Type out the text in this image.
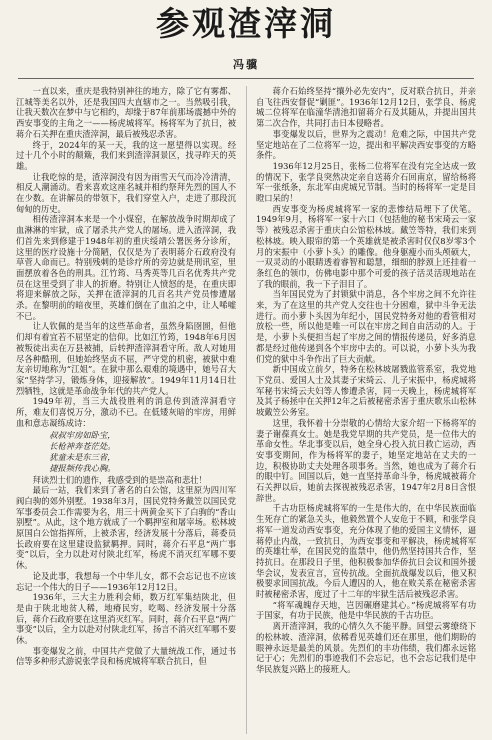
参观渣滓洞
冯骥

一直以来，重庆是我特别神往的地方，除了它有雾都、江城等美名以外，还是我国四大直辖市之一。当然吸引我，让我天数次在梦中与它相约，却缘于87年前那场震撼中外的西安事变的主角之一——杨虎城将军。杨将军为了抗日，被蒋介石关押在重庆渣滓洞，最后被残忍杀害。

终于，2024年的某一天，我的这一愿望得以实现。经过十几个小时的颠簸，我们来到渣滓洞景区，找寻昨天的英雄。

让我吃惊的是，渣滓洞没有因为雨雪天气而冷冷清清，相反人潮涌动。看来喜欢这座名城并相约祭拜先烈的国人不在少数。在讲解员的带领下，我们穿堂入户，走进了那段沉甸甸的历史。

相传渣滓洞本来是一个小煤窑，在解放战争时期却成了血淋淋的牢狱，成了屠杀共产党人的屠场。进入渣滓洞，我们首先来到修建于1948年初的重庆绥靖公署医务分诊所，这里的医疗设施十分简陋，仅仅是为了表明蒋介石政府没有草菅人命而已。特别残刺的是诊疗所的旁边就是刑讯室，里面摆放着各色的刑具。江竹筠、马秀英等几百名优秀共产党员在这里受到了非人的折磨。特别让人愤怒的是，在重庆即将迎来解放之际，关押在渣滓洞的几百名共产党员惨遭屠杀。在黎明前的暗夜里，英雄们倒在了血泊之中，让人唏嘘不已。

让人钦佩的是当年的这些革命者，虽然身陷囹圄，但他们却有着宜若不屈坚定的信仰。比如江竹筠，1948年6月因被叛徒出卖在万县被捕，后转押渣滓洞看守所。敌人对她用尽各种酷刑，但她始终坚贞不屈，严守党的机密，被狱中难友亲切地称为“江姐”。在狱中那么艰难的境遇中，她号召大家“坚持学习，锻炼身体，迎接解放”。1949年11月14日壮烈牺牲，这就是革命战争年代的共产党人。

1949年初，当三大战役胜利的消息传到渣滓洞看守所，难友们喜悦万分，激动不已。在低矮灰暗的牢房，用鲜血和意志凝练成诗：

叔叔牢房如卧宝，
长枪神奔苍茫处。
犹童未是东三省，
捷报频传我心胸。

拜读烈士们的遗作，我感受到的是崇高和悲壮！

最后一站，我们来到了著名的白公馆，这里原为四川军阀白驹的郊外别墅。1938年3月，国民党特务戴笠以国民党军事委员会工作需要为名，用三十两黄金买下了白驹的“香山别墅”。从此，这个地方就成了一个羁押室和屠宰场。松林坡原国白公馆指挥所，上被杀害，经济发展十分落后，蒋委员长政府要在这里建设监狱羁押。同时，蒋介石平息“两广事变”以后，全力以赴对付陕北红军，杨虎不消灭红军哪不要休。

论及此事，我想每一个中华儿女，都不会忘记也不应该忘记一个伟大的日子——1936年12月12日。

1936年，三大主力胜利会师，数万红军集结陕北，但是由于陕北地贫人稀，地瘠民穷，吃喝、经济发展十分落后，蒋介石政府要在这里消灭红军。同时，蒋介石平息“两广事变”以后，全力以赴对付陕北红军，扬言不消灭红军哪不要休。

事变爆发之前，中国共产党做了大量统战工作，通过书信等多种形式游说张学良和杨虎城将军联合抗日，但

蒋介石始终坚持“攘外必先安内”，反对联合抗日，并亲自飞往西安督促“剿匪”。1936年12月12日，张学良、杨虎城二位将军在临潼华清池扣留蒋介石及其随从，并提出国共第二次合作，共同打击日本侵略者。

事变爆发以后，世界为之震动！危难之际，中国共产党坚定地站在了二位将军一边，提出和平解决西安事变的方略条件。

1936年12月25日，张杨二位将军在没有完全达成一致的情况下，张学良突然决定亲自送蒋介石回南京，留给杨将军一张纸条，东北军由虎城兄节制。当时的杨将军一定是目瞪口呆的！

西安事变为杨虎城将军一家的悲惨结局埋下了伏笔。1949年9月，杨将军一家十六口（包括他的秘书宋琦云一家等）被残忍杀害于重庆白公馆松林坡。戴笠等特，我们来到松林坡。映入眼帘的第一个英雄就是被杀害时仅仅8岁零3个月的宋振中（小萝卜头）的雕像。他身躯瘦小而头颅硕大，一双灵动的小眼睛透着睿智和聪慧，细细的脖颈上还挂着一条红色的领巾，仿佛电影中那个可爱的孩子活灵活现地站在了我的眼前，我一下子泪目了。

当年国民党为了封锁狱中消息，各个牢房之间不允许往来，为了在这里的共产党人交往也十分困难，狱中斗争无法进行。而小萝卜头因为年纪小，国民党特务对他的看管相对放松一些，所以他是唯一可以在牢房之间自由活动的人。于是，小萝卜头便担当起了牢房之间的情报传递员，好多消息都是经过他传递到各个牢房中去的。可以说，小萝卜头为我们党的狱中斗争作出了巨大贡献。

新中国成立前夕，特务在松林坡屠戮监管系室，我党地下党员、爱国人士及其妻子宋绮云、儿子宋振中，杨虎城将军秘书宋绮云夫妇等人惨遭杀害，同一天晚上，杨虎城将军及其子杨拯中在关押12年之后被秘密杀害于重庆歌乐山松林坡戴笠公务室。

这里，我怀着十分崇敬的心情给大家介绍一下杨将军的妻子谢葆真女士。她是我党早期的共产党员，是一位伟大的革命女性。华北事变以后，她全身心投入抗日救亡运动，西安事变期间，作为杨将军的妻子，她坚定地站在丈夫的一边，积极协助丈夫处理各项事务。当然，她也成为了蒋介石的眼中钉。回国以后，她一直坚持革命斗争，杨虎城被蒋介石关押以后，她前去探视被残忍杀害，1947年2月8日含恨辞世。

千古功臣杨虎城将军的一生是伟大的，在中华民族面临生死存亡的紧急关头，他毅然置个人安危于不顾，和张学良将军一道发动西安事变，充分体现了他的爱国主义情怀，逼蒋停止内战，一致抗日，为西安事变和平解决，杨虎城将军的英雄壮举，在国民党的监禁中，他仍然坚持国共合作，坚持抗日。在那段日子里，他积极参加华侨抗日会议和国外援华会议，发表宣言，宣传抗战。全面抗战爆发以后，他又积极要求回国抗战。今后人遭囚的人，他在败关系在秘密杀害时被秘密杀害，度过了十二年的牢狱生活后被残忍杀害。

“将军魂魄存天地，岂因碾磨建其心。”杨虎城将军有功于国家，有功于民族，他是中华民族的千古功臣。

离开渣滓洞，我的心情久久不能平静。回望云雾缭绕下的松林坡、渣滓洞，依稀看见英雄们还在那里，他们期盼的眼神永远是最美的风景。先烈们的丰功伟绩，我们都永远铭记于心；先烈们的事迹我们不会忘记，也不会忘记我们是中华民族复兴路上的接班人。
